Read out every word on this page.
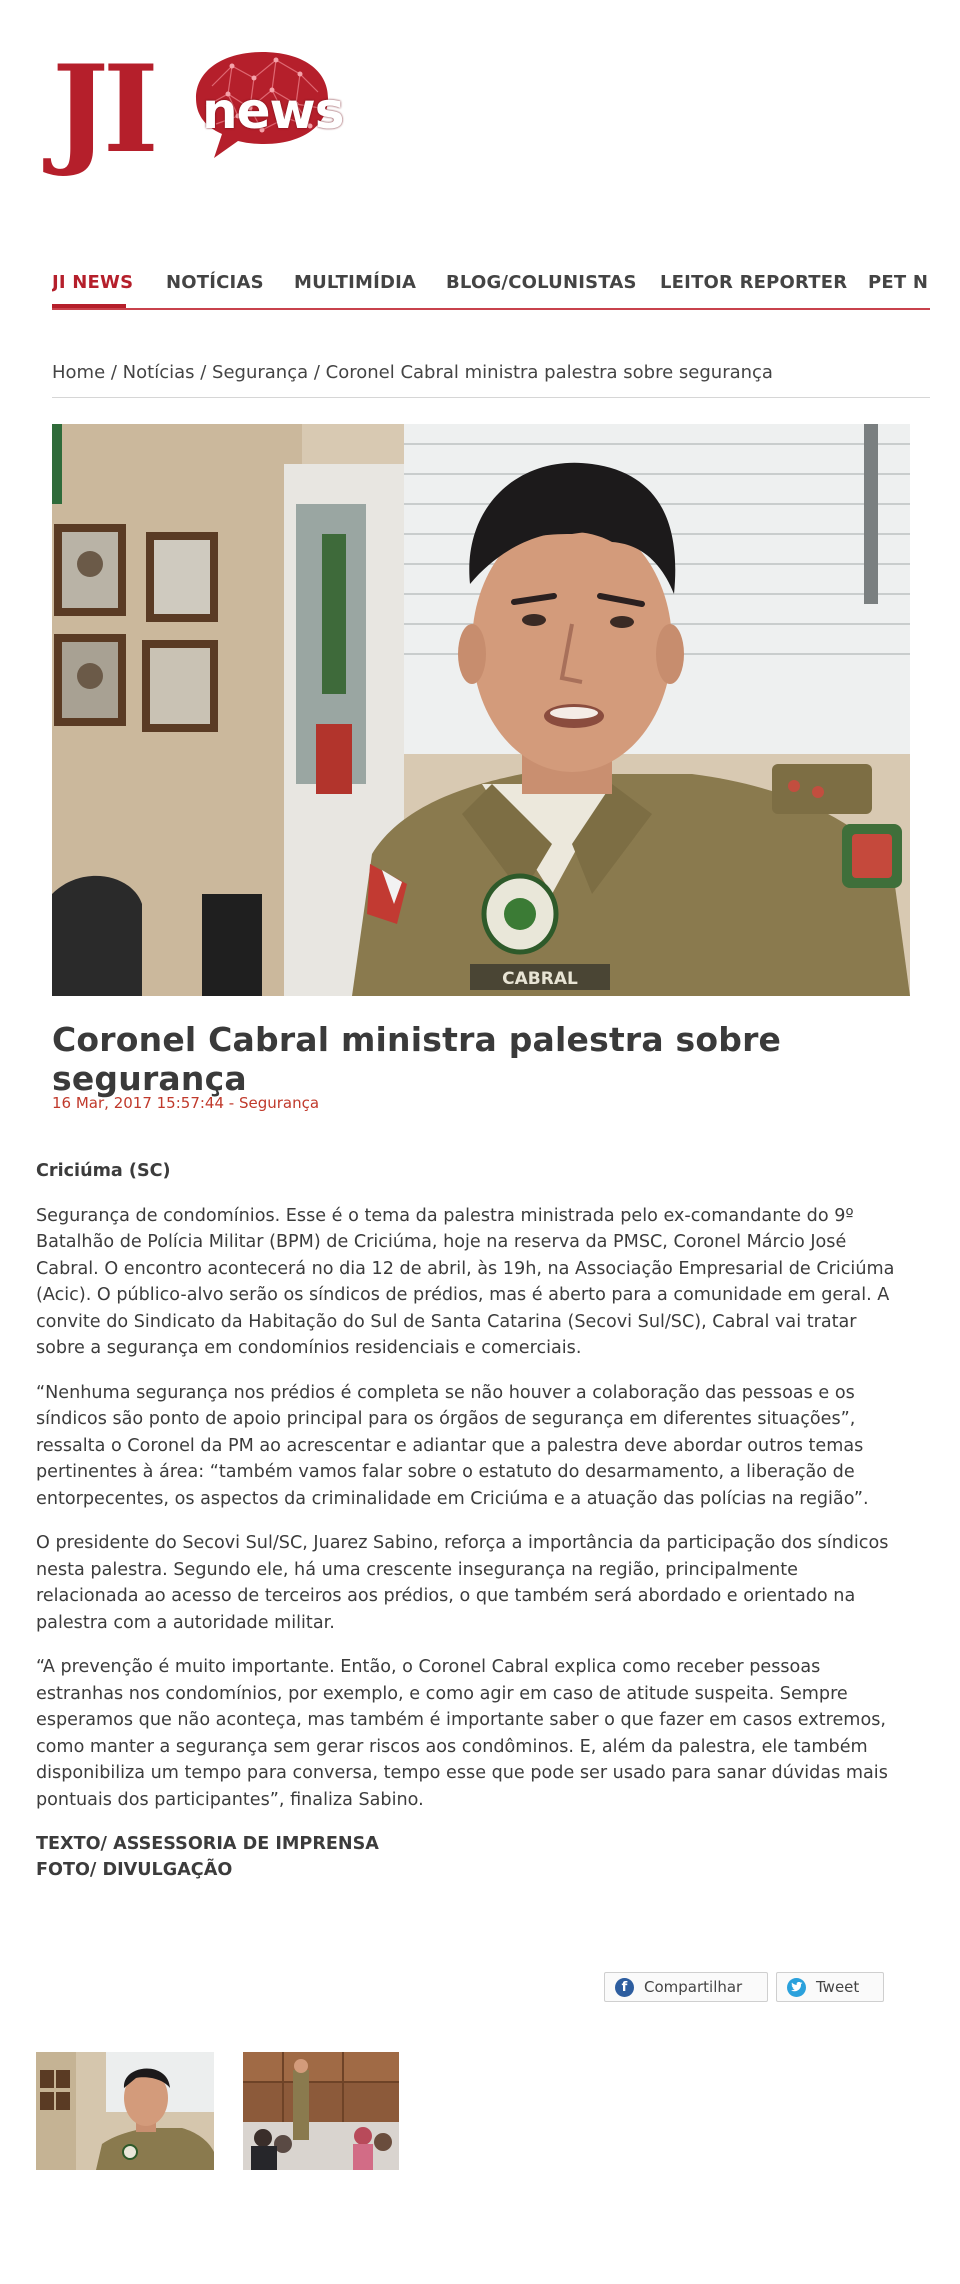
JI news
JI NEWS NOTÍCIAS MULTIMÍDIA BLOG/COLUNISTAS LEITOR REPORTER PET N
Home / Notícias / Segurança / Coronel Cabral ministra palestra sobre segurança
CABRAL
Coronel Cabral ministra palestra sobre segurança
16 Mar, 2017 15:57:44 - Segurança
Criciúma (SC)

Segurança de condomínios. Esse é o tema da palestra ministrada pelo ex-comandante do 9º Batalhão de Polícia Militar (BPM) de Criciúma, hoje na reserva da PMSC, Coronel Márcio José Cabral. O encontro acontecerá no dia 12 de abril, às 19h, na Associação Empresarial de Criciúma (Acic). O público-alvo serão os síndicos de prédios, mas é aberto para a comunidade em geral. A convite do Sindicato da Habitação do Sul de Santa Catarina (Secovi Sul/SC), Cabral vai tratar sobre a segurança em condomínios residenciais e comerciais.

“Nenhuma segurança nos prédios é completa se não houver a colaboração das pessoas e os síndicos são ponto de apoio principal para os órgãos de segurança em diferentes situações”, ressalta o Coronel da PM ao acrescentar e adiantar que a palestra deve abordar outros temas pertinentes à área: “também vamos falar sobre o estatuto do desarmamento, a liberação de entorpecentes, os aspectos da criminalidade em Criciúma e a atuação das polícias na região”.

O presidente do Secovi Sul/SC, Juarez Sabino, reforça a importância da participação dos síndicos nesta palestra. Segundo ele, há uma crescente insegurança na região, principalmente relacionada ao acesso de terceiros aos prédios, o que também será abordado e orientado na palestra com a autoridade militar.

“A prevenção é muito importante. Então, o Coronel Cabral explica como receber pessoas estranhas nos condomínios, por exemplo, e como agir em caso de atitude suspeita. Sempre esperamos que não aconteça, mas também é importante saber o que fazer em casos extremos, como manter a segurança sem gerar riscos aos condôminos. E, além da palestra, ele também disponibiliza um tempo para conversa, tempo esse que pode ser usado para sanar dúvidas mais pontuais dos participantes”, finaliza Sabino.

TEXTO/ ASSESSORIA DE IMPRENSA
FOTO/ DIVULGAÇÃO
f	Compartilhar	Tweet
